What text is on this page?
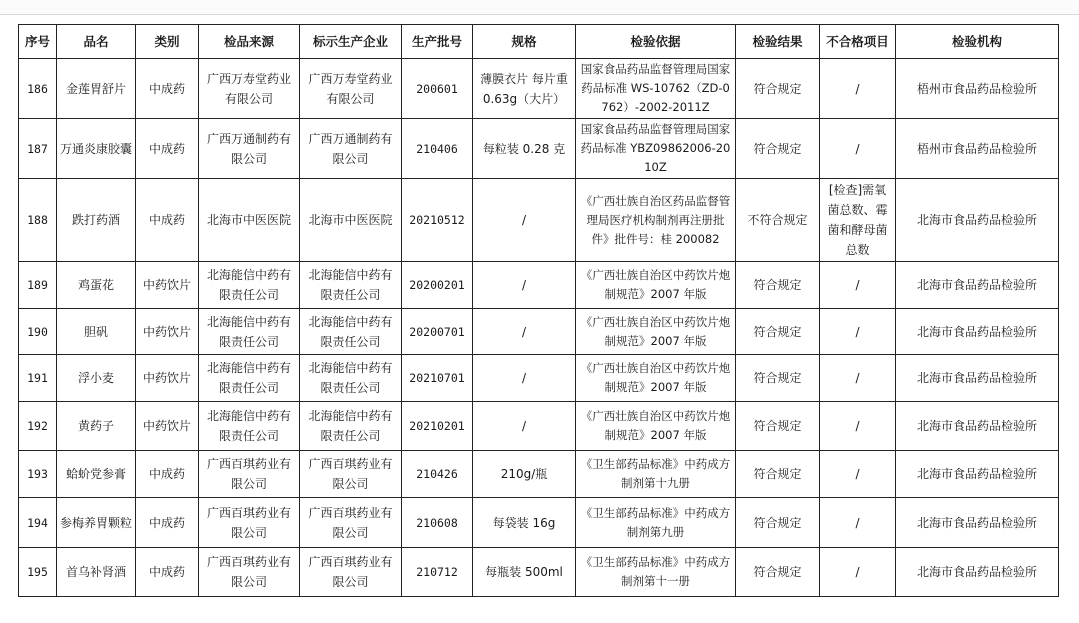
序号	品名	类别	检品来源	标示生产企业	生产批号	规格	检验依据	检验结果	不合格项目	检验机构
186	金莲胃舒片	中成药	广西万寿堂药业有限公司	广西万寿堂药业有限公司	200601	薄膜衣片 每片重 0.63g（大片）	国家食品药品监督管理局国家药品标准 WS-10762（ZD-0762）-2002-2011Z	符合规定	/	梧州市食品药品检验所
187	万通炎康胶囊	中成药	广西万通制药有限公司	广西万通制药有限公司	210406	每粒装 0.28 克	国家食品药品监督管理局国家药品标准 YBZ09862006-2010Z	符合规定	/	梧州市食品药品检验所
188	跌打药酒	中成药	北海市中医医院	北海市中医医院	20210512	/	《广西壮族自治区药品监督管理局医疗机构制剂再注册批件》批件号：桂 200082	不符合规定	[检查]需氧菌总数、霉菌和酵母菌总数	北海市食品药品检验所
189	鸡蛋花	中药饮片	北海能信中药有限责任公司	北海能信中药有限责任公司	20200201	/	《广西壮族自治区中药饮片炮制规范》2007 年版	符合规定	/	北海市食品药品检验所
190	胆矾	中药饮片	北海能信中药有限责任公司	北海能信中药有限责任公司	20200701	/	《广西壮族自治区中药饮片炮制规范》2007 年版	符合规定	/	北海市食品药品检验所
191	浮小麦	中药饮片	北海能信中药有限责任公司	北海能信中药有限责任公司	20210701	/	《广西壮族自治区中药饮片炮制规范》2007 年版	符合规定	/	北海市食品药品检验所
192	黄药子	中药饮片	北海能信中药有限责任公司	北海能信中药有限责任公司	20210201	/	《广西壮族自治区中药饮片炮制规范》2007 年版	符合规定	/	北海市食品药品检验所
193	蛤蚧党参膏	中成药	广西百琪药业有限公司	广西百琪药业有限公司	210426	210g/瓶	《卫生部药品标准》中药成方制剂第十九册	符合规定	/	北海市食品药品检验所
194	参梅养胃颗粒	中成药	广西百琪药业有限公司	广西百琪药业有限公司	210608	每袋装 16g	《卫生部药品标准》中药成方制剂第九册	符合规定	/	北海市食品药品检验所
195	首乌补肾酒	中成药	广西百琪药业有限公司	广西百琪药业有限公司	210712	每瓶装 500ml	《卫生部药品标准》中药成方制剂第十一册	符合规定	/	北海市食品药品检验所
